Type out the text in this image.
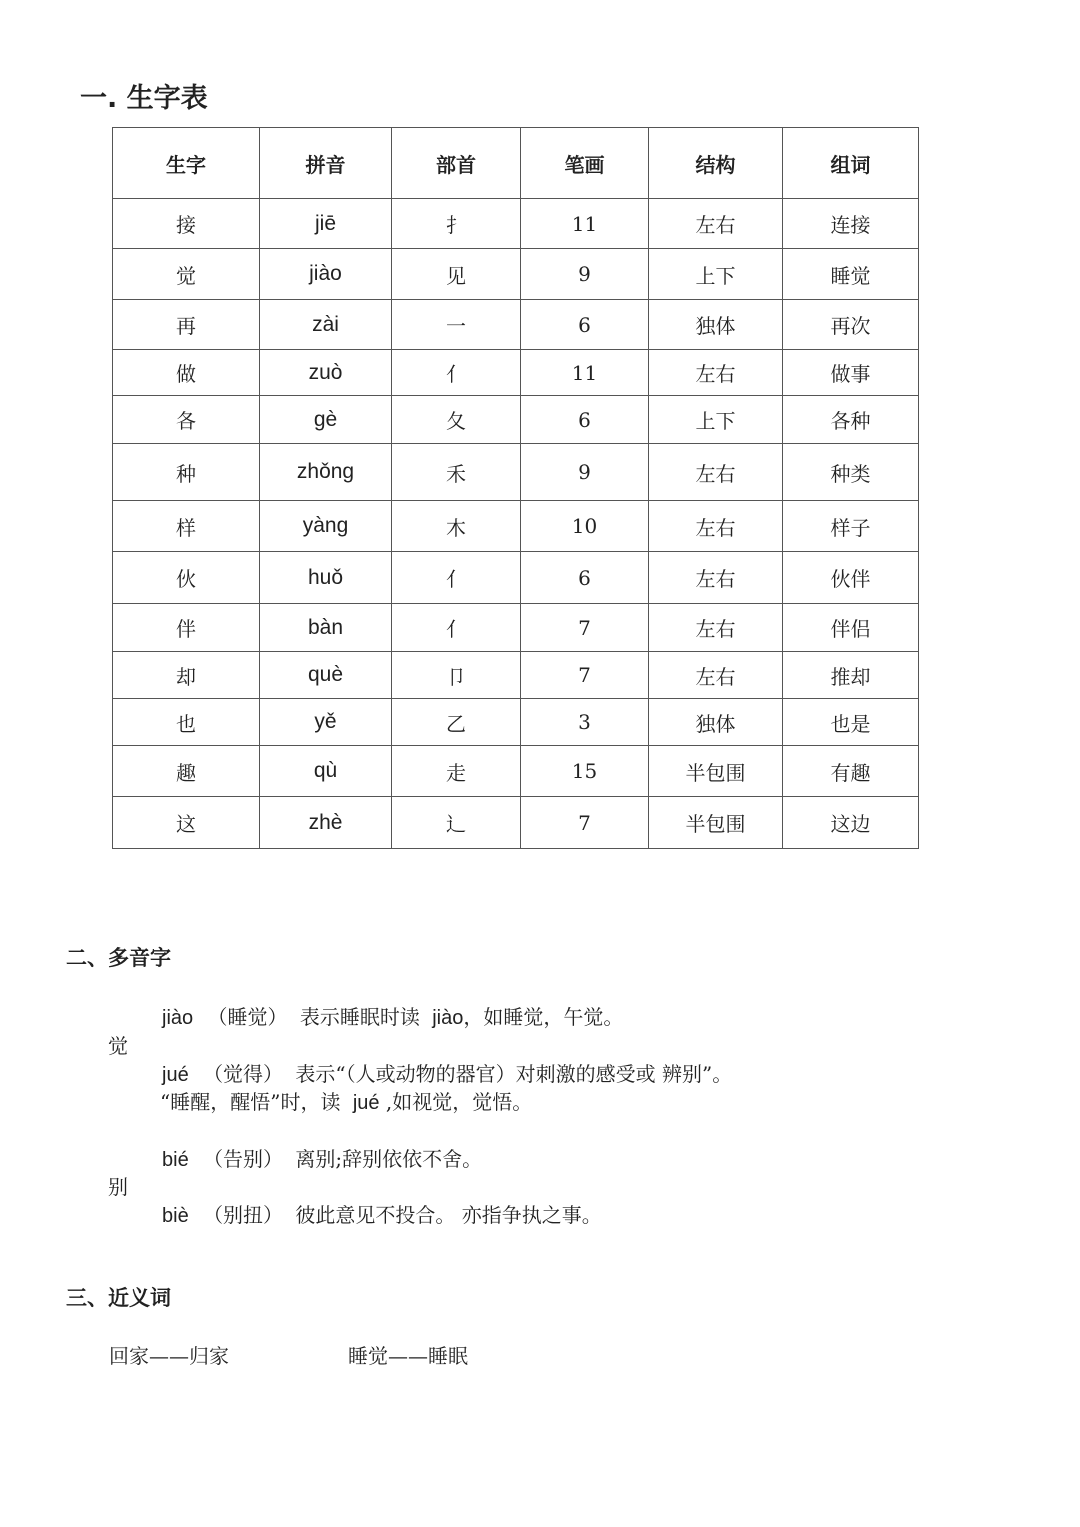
一. 生字表
生字	拼音	部首	笔画	结构	组词
接	jiē	扌	11	左右	连接
觉	jiào	见	9	上下	睡觉
再	zài	一	6	独体	再次
做	zuò	亻	11	左右	做事
各	gè	夂	6	上下	各种
种	zhǒng	禾	9	左右	种类
样	yàng	木	10	左右	样子
伙	huǒ	亻	6	左右	伙伴
伴	bàn	亻	7	左右	伴侣
却	què	卩	7	左右	推却
也	yě	乙	3	独体	也是
趣	qù	走	15	半包围	有趣
这	zhè	辶	7	半包围	这边
二、多音字
jiào （睡觉） 表示睡眠时读 jiào，如睡觉，午觉。
觉
jué （觉得） 表示“（人或动物的器官）对刺激的感受或 辨别”。
“睡醒，醒悟”时，读 jué ,如视觉，觉悟。
bié （告别） 离别;辞别依依不舍。
别
biè （别扭） 彼此意见不投合。 亦指争执之事。
三、近义词
回家——归家	睡觉——睡眠
